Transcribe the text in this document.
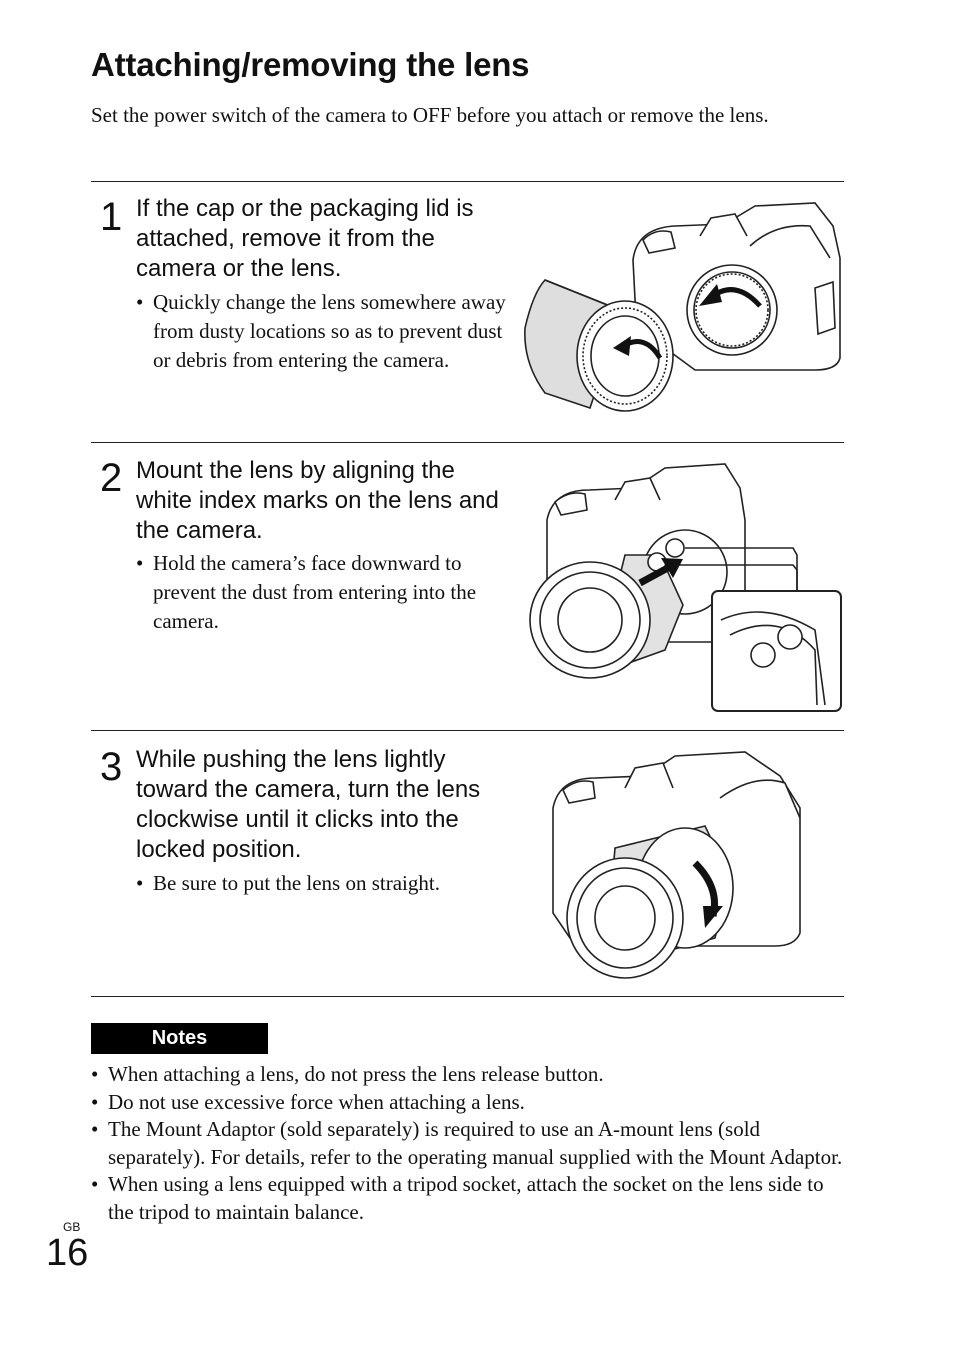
Attaching/removing the lens

Set the power switch of the camera to OFF before you attach or remove the lens.

1 If the cap or the packaging lid is attached, remove it from the camera or the lens.

• Quickly change the lens somewhere away from dusty locations so as to prevent dust or debris from entering the camera.
2 Mount the lens by aligning the white index marks on the lens and the camera.

• Hold the camera’s face downward to prevent the dust from entering into the camera.
3 While pushing the lens lightly toward the camera, turn the lens clockwise until it clicks into the locked position.

• Be sure to put the lens on straight.
Notes
• When attaching a lens, do not press the lens release button.
• Do not use excessive force when attaching a lens.
• The Mount Adaptor (sold separately) is required to use an A-mount lens (sold separately). For details, refer to the operating manual supplied with the Mount Adaptor.
• When using a lens equipped with a tripod socket, attach the socket on the lens side to the tripod to maintain balance.
GB
16
